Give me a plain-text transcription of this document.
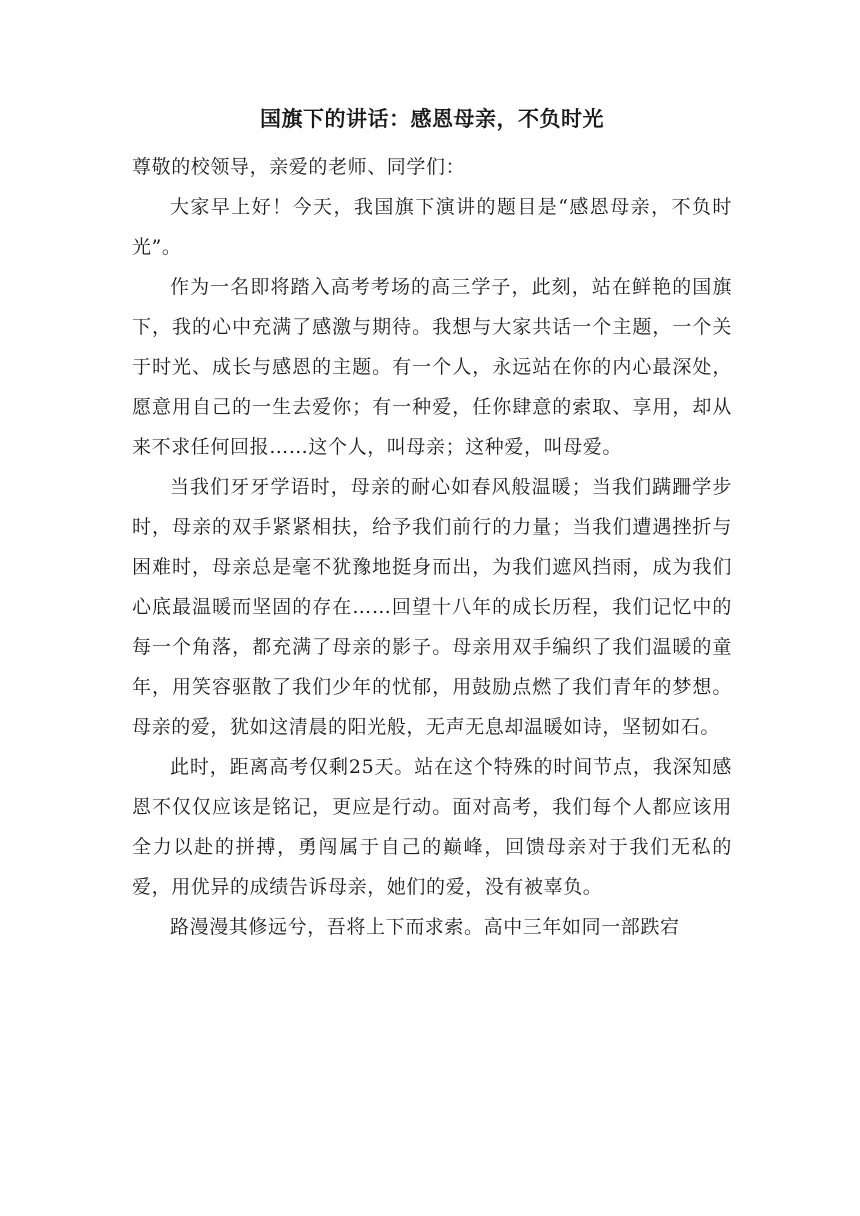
国旗下的讲话：感恩母亲，不负时光

尊敬的校领导，亲爱的老师、同学们：

大家早上好！今天，我国旗下演讲的题目是“感恩母亲，不负时光”。

作为一名即将踏入高考考场的高三学子，此刻，站在鲜艳的国旗下，我的心中充满了感激与期待。我想与大家共话一个主题，一个关于时光、成长与感恩的主题。有一个人，永远站在你的内心最深处，愿意用自己的一生去爱你；有一种爱，任你肆意的索取、享用，却从来不求任何回报……这个人，叫母亲；这种爱，叫母爱。

当我们牙牙学语时，母亲的耐心如春风般温暖；当我们蹒跚学步时，母亲的双手紧紧相扶，给予我们前行的力量；当我们遭遇挫折与困难时，母亲总是毫不犹豫地挺身而出，为我们遮风挡雨，成为我们心底最温暖而坚固的存在……回望十八年的成长历程，我们记忆中的每一个角落，都充满了母亲的影子。母亲用双手编织了我们温暖的童年，用笑容驱散了我们少年的忧郁，用鼓励点燃了我们青年的梦想。母亲的爱，犹如这清晨的阳光般，无声无息却温暖如诗，坚韧如石。

此时，距离高考仅剩25天。站在这个特殊的时间节点，我深知感恩不仅仅应该是铭记，更应是行动。面对高考，我们每个人都应该用全力以赴的拼搏，勇闯属于自己的巅峰，回馈母亲对于我们无私的爱，用优异的成绩告诉母亲，她们的爱，没有被辜负。

路漫漫其修远兮，吾将上下而求索。高中三年如同一部跌宕
